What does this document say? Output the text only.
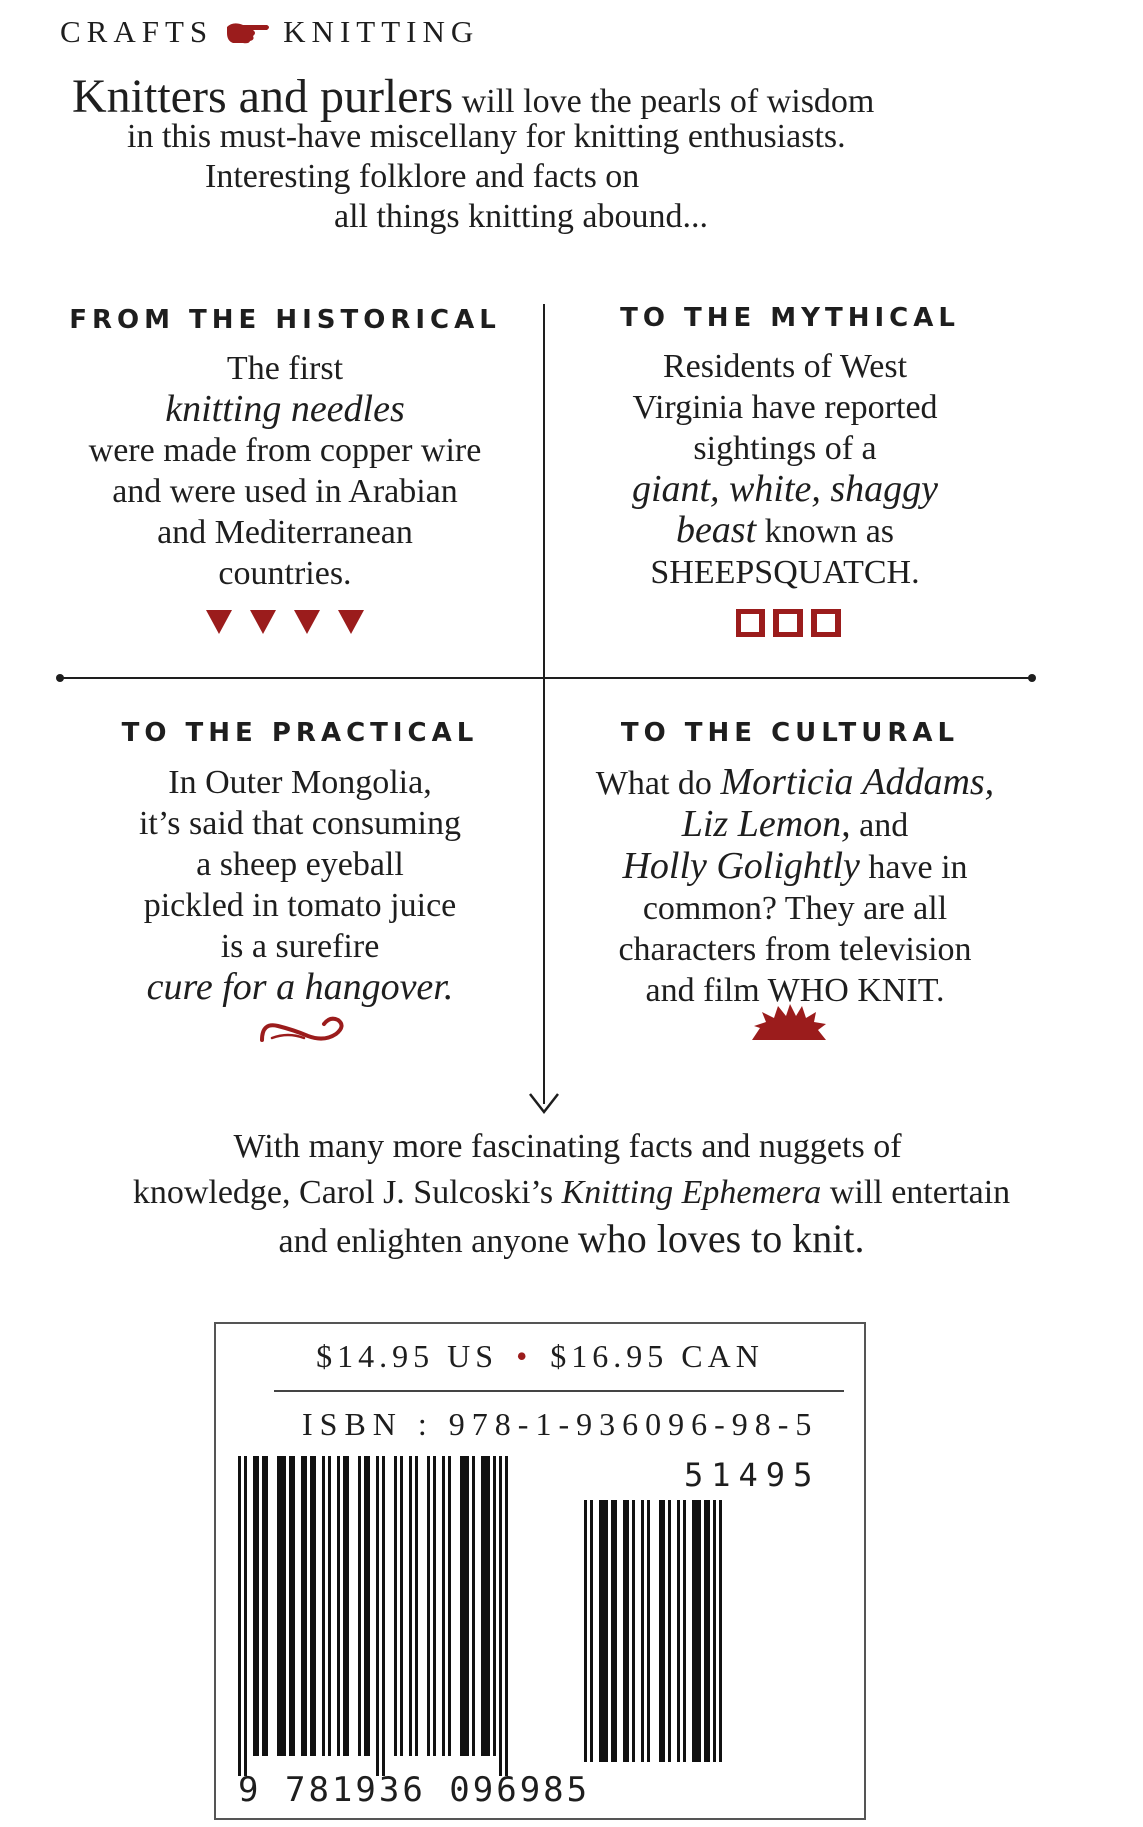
CRAFTS KNITTING
Knitters and purlers will love the pearls of wisdom
in this must-have miscellany for knitting enthusiasts.
Interesting folklore and facts on
all things knitting abound...
FROM THE HISTORICAL
The first
knitting needles
were made from copper wire
and were used in Arabian
and Mediterranean
countries.
TO THE MYTHICAL
Residents of West
Virginia have reported
sightings of a
giant, white, shaggy
beast known as
SHEEPSQUATCH.
TO THE PRACTICAL
In Outer Mongolia,
it’s said that consuming
a sheep eyeball
pickled in tomato juice
is a surefire
cure for a hangover.
TO THE CULTURAL
What do Morticia Addams,
Liz Lemon, and
Holly Golightly have in
common? They are all
characters from television
and film WHO KNIT.
With many more fascinating facts and nuggets of
knowledge, Carol J. Sulcoski’s Knitting Ephemera will entertain
and enlighten anyone who loves to knit.
$14.95 US • $16.95 CAN
ISBN : 978-1-936096-98-5
51495
9 781936 096985
